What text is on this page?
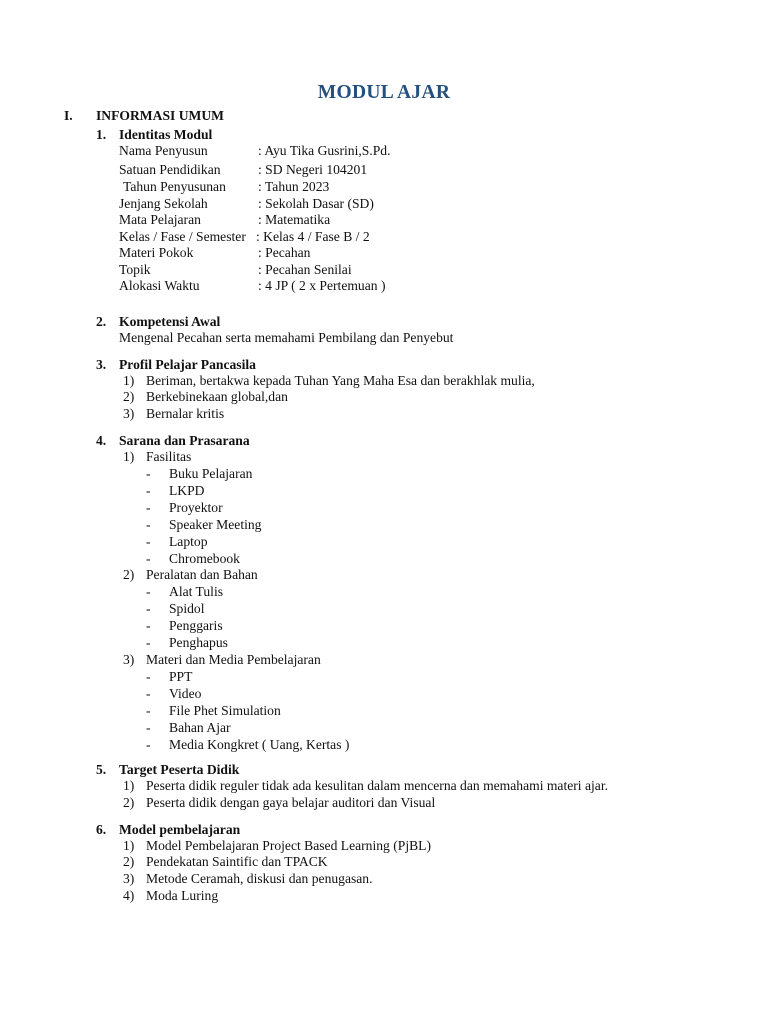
MODUL AJAR
I. INFORMASI UMUM
1. Identitas Modul
Nama Penyusun	: Ayu Tika Gusrini,S.Pd.
Satuan Pendidikan	: SD Negeri 104201
Tahun Penyusunan : Tahun 2023
Jenjang Sekolah	: Sekolah Dasar (SD)
Mata Pelajaran	: Matematika
Kelas / Fase / Semester : Kelas 4 / Fase B / 2
Materi Pokok	: Pecahan
Topik	: Pecahan Senilai
Alokasi Waktu	: 4 JP ( 2 x Pertemuan )
2. Kompetensi Awal
Mengenal Pecahan serta memahami Pembilang dan Penyebut
3. Profil Pelajar Pancasila
1) Beriman, bertakwa kepada Tuhan Yang Maha Esa dan berakhlak mulia,
2) Berkebinekaan global,dan
3) Bernalar kritis
4. Sarana dan Prasarana
1) Fasilitas
- Buku Pelajaran
- LKPD
- Proyektor
- Speaker Meeting
- Laptop
- Chromebook
2) Peralatan dan Bahan
- Alat Tulis
- Spidol
- Penggaris
- Penghapus
3) Materi dan Media Pembelajaran
- PPT
- Video
- File Phet Simulation
- Bahan Ajar
- Media Kongkret ( Uang, Kertas )
5. Target Peserta Didik
1) Peserta didik reguler tidak ada kesulitan dalam mencerna dan memahami materi ajar.
2) Peserta didik dengan gaya belajar auditori dan Visual
6. Model pembelajaran
1) Model Pembelajaran Project Based Learning (PjBL)
2) Pendekatan Saintific dan TPACK
3) Metode Ceramah, diskusi dan penugasan.
4) Moda Luring
